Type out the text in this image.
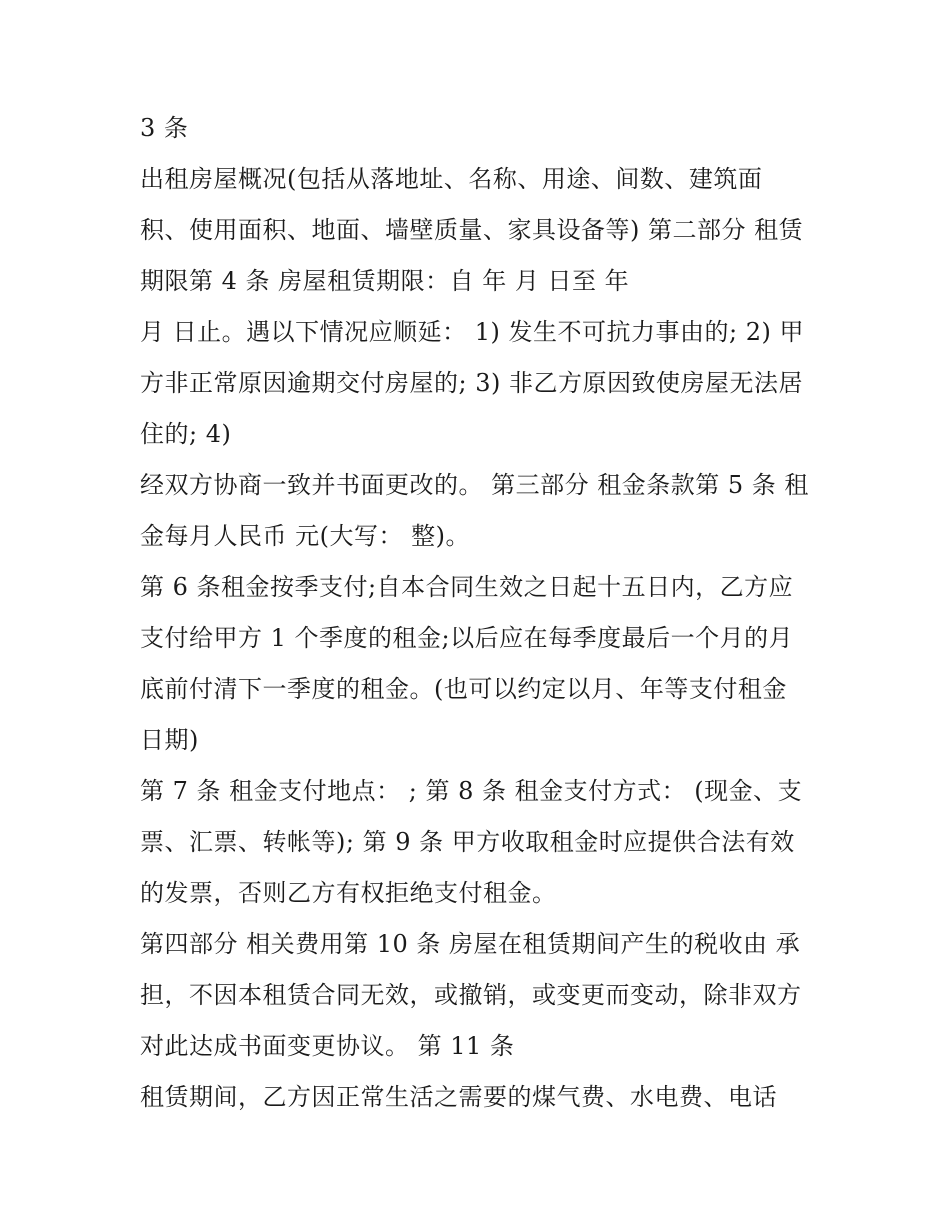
3 条
出租房屋概况(包括从落地址、名称、用途、间数、建筑面
积、使用面积、地面、墙壁质量、家具设备等) 第二部分 租赁
期限第 4 条 房屋租赁期限：自 年 月 日至 年
月 日止。遇以下情况应顺延： 1) 发生不可抗力事由的; 2) 甲
方非正常原因逾期交付房屋的; 3) 非乙方原因致使房屋无法居
住的; 4)
经双方协商一致并书面更改的。 第三部分 租金条款第 5 条 租
金每月人民币 元(大写： 整)。
第 6 条租金按季支付;自本合同生效之日起十五日内，乙方应
支付给甲方 1 个季度的租金;以后应在每季度最后一个月的月
底前付清下一季度的租金。(也可以约定以月、年等支付租金
日期)
第 7 条 租金支付地点： ; 第 8 条 租金支付方式： (现金、支
票、汇票、转帐等); 第 9 条 甲方收取租金时应提供合法有效
的发票，否则乙方有权拒绝支付租金。
第四部分 相关费用第 10 条 房屋在租赁期间产生的税收由 承
担，不因本租赁合同无效，或撤销，或变更而变动，除非双方
对此达成书面变更协议。 第 11 条
租赁期间，乙方因正常生活之需要的煤气费、水电费、电话
